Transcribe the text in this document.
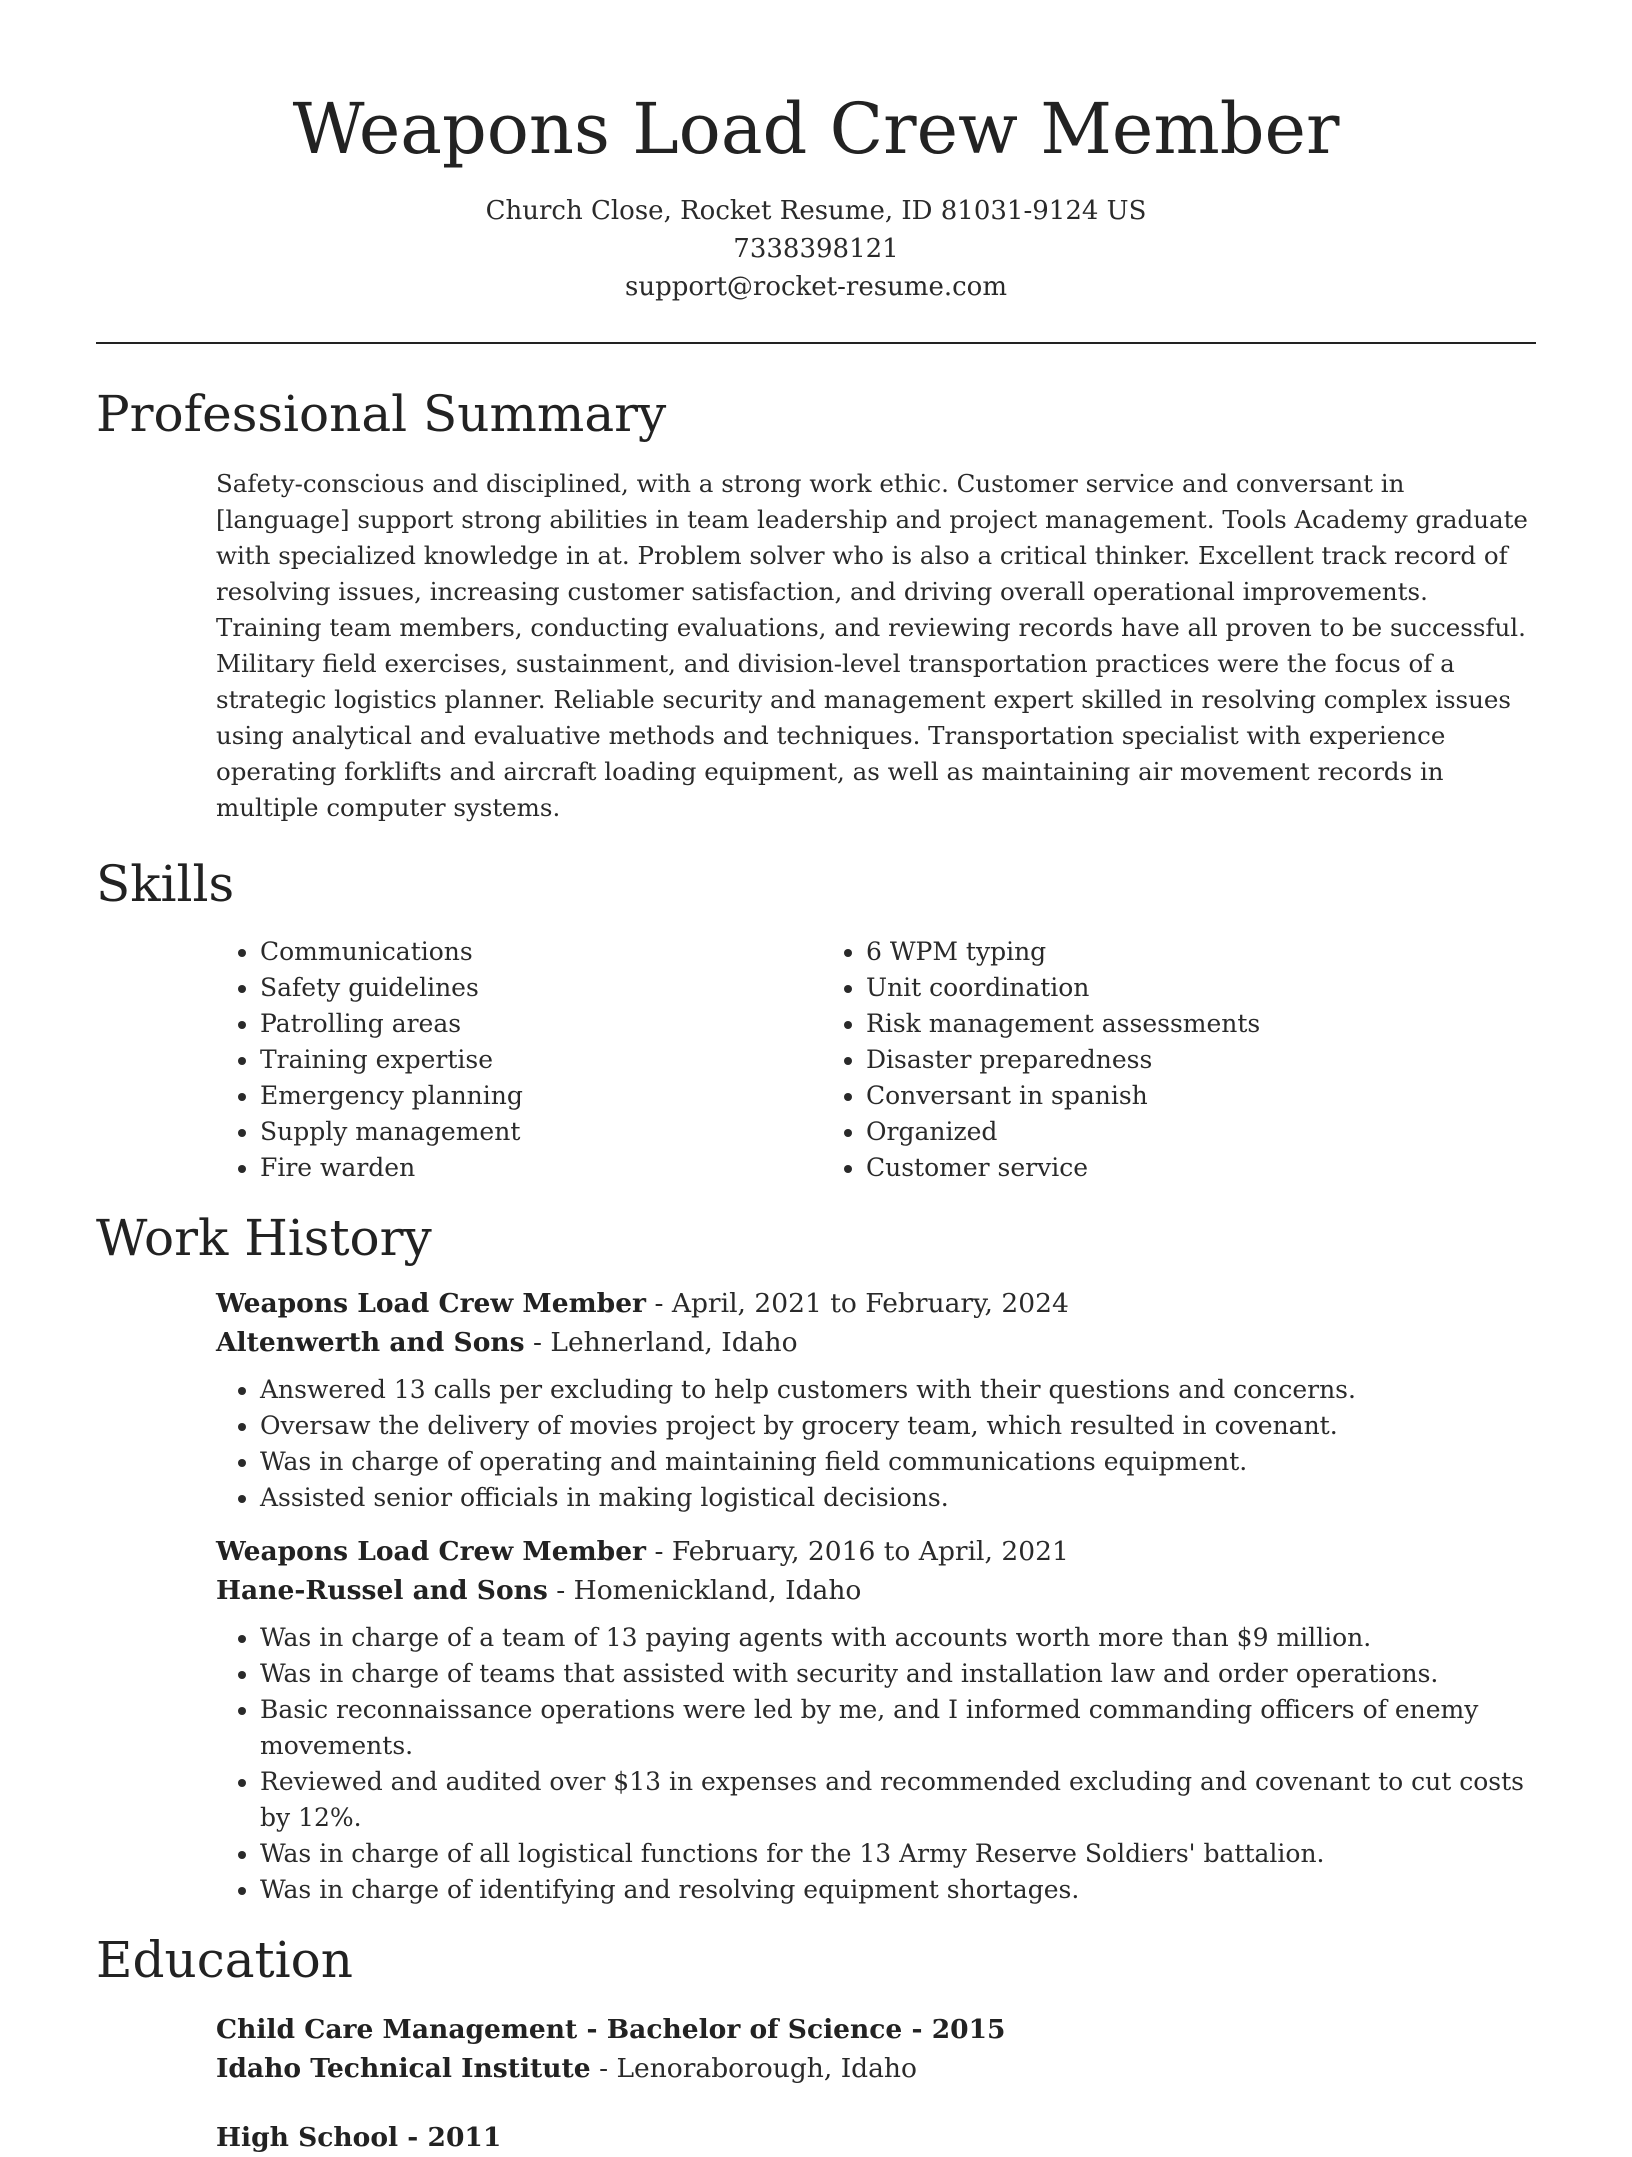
Weapons Load Crew Member
Church Close, Rocket Resume, ID 81031-9124 US
7338398121
support@rocket-resume.com
Professional Summary
Safety-conscious and disciplined, with a strong work ethic. Customer service and conversant in [language] support strong abilities in team leadership and project management. Tools Academy graduate with specialized knowledge in at. Problem solver who is also a critical thinker. Excellent track record of resolving issues, increasing customer satisfaction, and driving overall operational improvements. Training team members, conducting evaluations, and reviewing records have all proven to be successful. Military field exercises, sustainment, and division-level transportation practices were the focus of a strategic logistics planner. Reliable security and management expert skilled in resolving complex issues using analytical and evaluative methods and techniques. Transportation specialist with experience operating forklifts and aircraft loading equipment, as well as maintaining air movement records in multiple computer systems.
Skills
• Communications
• Safety guidelines
• Patrolling areas
• Training expertise
• Emergency planning
• Supply management
• Fire warden
• 6 WPM typing
• Unit coordination
• Risk management assessments
• Disaster preparedness
• Conversant in spanish
• Organized
• Customer service
Work History
Weapons Load Crew Member - April, 2021 to February, 2024
Altenwerth and Sons - Lehnerland, Idaho
• Answered 13 calls per excluding to help customers with their questions and concerns.
• Oversaw the delivery of movies project by grocery team, which resulted in covenant.
• Was in charge of operating and maintaining field communications equipment.
• Assisted senior officials in making logistical decisions.
Weapons Load Crew Member - February, 2016 to April, 2021
Hane-Russel and Sons - Homenickland, Idaho
• Was in charge of a team of 13 paying agents with accounts worth more than $9 million.
• Was in charge of teams that assisted with security and installation law and order operations.
• Basic reconnaissance operations were led by me, and I informed commanding officers of enemy movements.
• Reviewed and audited over $13 in expenses and recommended excluding and covenant to cut costs by 12%.
• Was in charge of all logistical functions for the 13 Army Reserve Soldiers' battalion.
• Was in charge of identifying and resolving equipment shortages.
Education
Child Care Management - Bachelor of Science - 2015
Idaho Technical Institute - Lenoraborough, Idaho
High School - 2011
